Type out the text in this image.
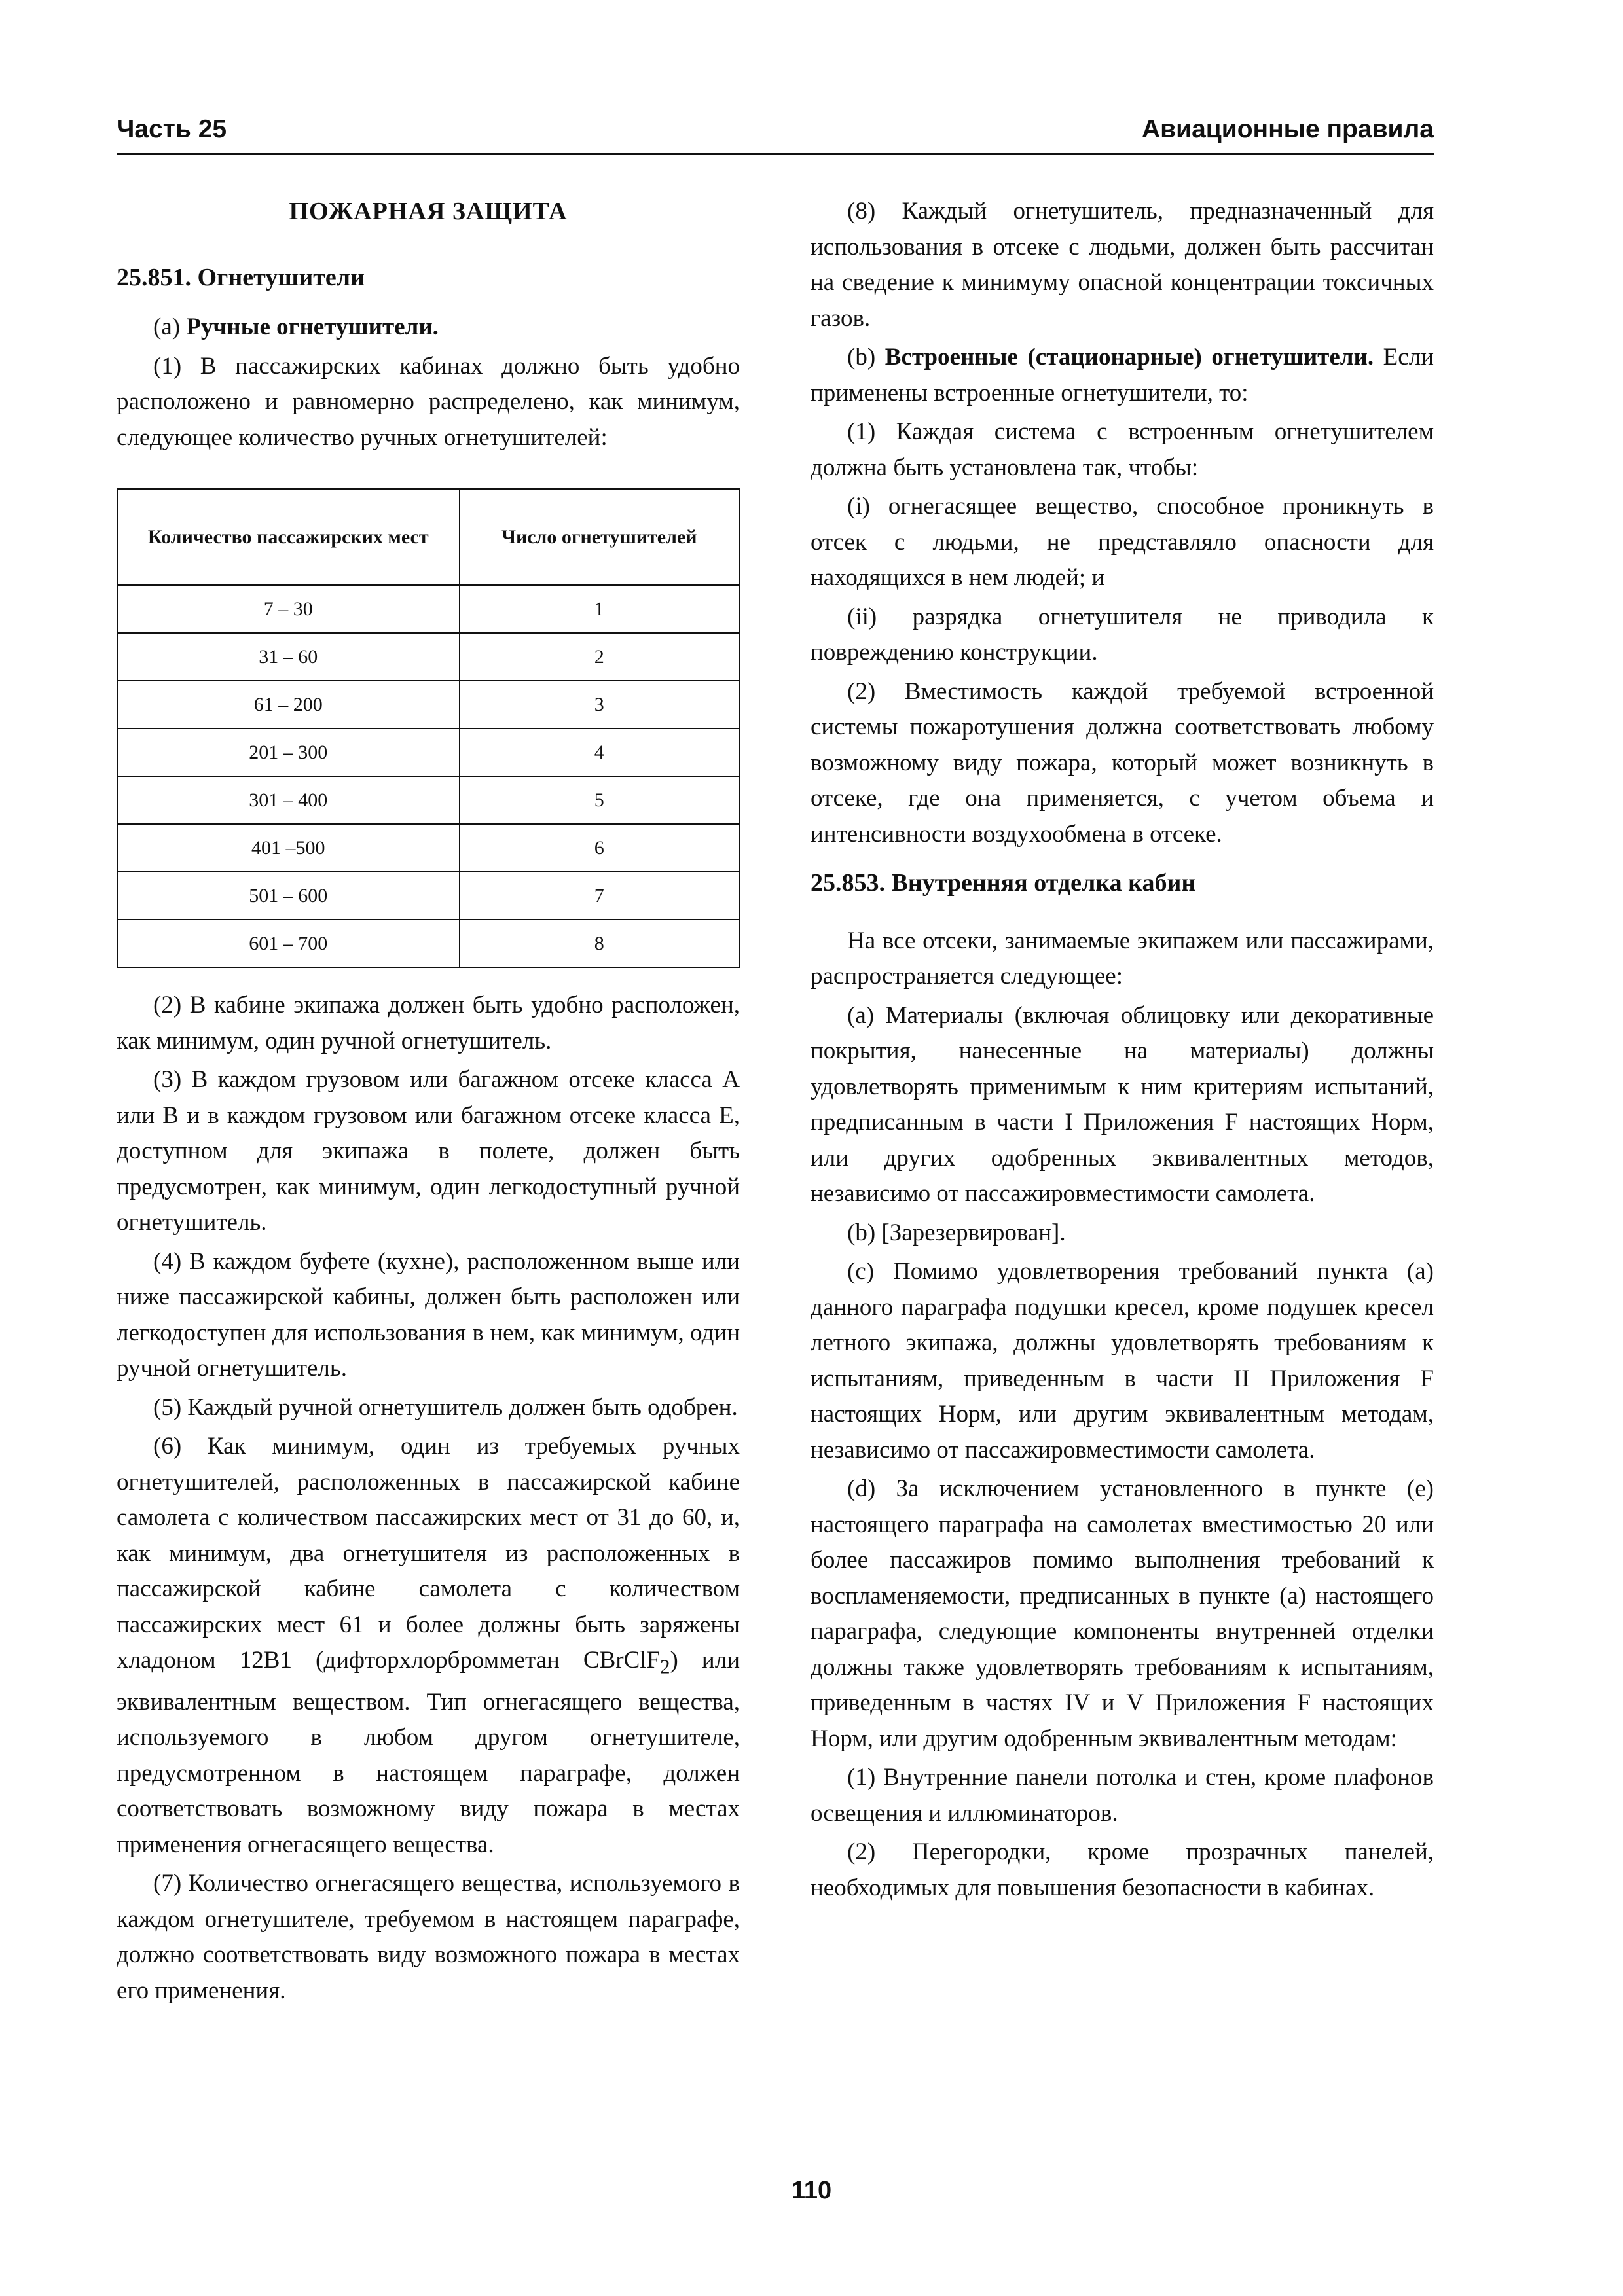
Часть 25	Авиационные правила
ПОЖАРНАЯ ЗАЩИТА
25.851. Огнетушители

(a) Ручные огнетушители.

(1) В пассажирских кабинах должно быть удобно расположено и равномерно распределено, как минимум, следующее количество ручных огнетушителей:

Количество пассажирских мест	Число огнетушителей
7 – 30	1
31 – 60	2
61 – 200	3
201 – 300	4
301 – 400	5
401 –500	6
501 – 600	7
601 – 700	8

(2) В кабине экипажа должен быть удобно расположен, как минимум, один ручной огнетушитель.

(3) В каждом грузовом или багажном отсеке класса A или B и в каждом грузовом или багажном отсеке класса E, доступном для экипажа в полете, должен быть предусмотрен, как минимум, один легкодоступный ручной огнетушитель.

(4) В каждом буфете (кухне), расположенном выше или ниже пассажирской кабины, должен быть расположен или легкодоступен для использования в нем, как минимум, один ручной огнетушитель.

(5) Каждый ручной огнетушитель должен быть одобрен.

(6) Как минимум, один из требуемых ручных огнетушителей, расположенных в пассажирской кабине самолета с количеством пассажирских мест от 31 до 60, и, как минимум, два огнетушителя из расположенных в пассажирской кабине самолета с количеством пассажирских мест 61 и более должны быть заряжены хладоном 12B1 (дифторхлорбромметан CBrClF$_2$) или эквивалентным веществом. Тип огнегасящего вещества, используемого в любом другом огнетушителе, предусмотренном в настоящем параграфе, должен соответствовать возможному виду пожара в местах применения огнегасящего вещества.

(7) Количество огнегасящего вещества, используемого в каждом огнетушителе, требуемом в настоящем параграфе, должно соответствовать виду возможного пожара в местах его применения.

(8) Каждый огнетушитель, предназначенный для использования в отсеке с людьми, должен быть рассчитан на сведение к минимуму опасной концентрации токсичных газов.

(b) Встроенные (стационарные) огнетушители. Если применены встроенные огнетушители, то:

(1) Каждая система с встроенным огнетушителем должна быть установлена так, чтобы:

(i) огнегасящее вещество, способное проникнуть в отсек с людьми, не представляло опасности для находящихся в нем людей; и

(ii) разрядка огнетушителя не приводила к повреждению конструкции.

(2) Вместимость каждой требуемой встроенной системы пожаротушения должна соответствовать любому возможному виду пожара, который может возникнуть в отсеке, где она применяется, с учетом объема и интенсивности воздухообмена в отсеке.

25.853. Внутренняя отделка кабин

На все отсеки, занимаемые экипажем или пассажирами, распространяется следующее:

(a) Материалы (включая облицовку или декоративные покрытия, нанесенные на материалы) должны удовлетворять применимым к ним критериям испытаний, предписанным в части I Приложения F настоящих Норм, или других одобренных эквивалентных методов, независимо от пассажировместимости самолета.

(b) [Зарезервирован].

(c) Помимо удовлетворения требований пункта (a) данного параграфа подушки кресел, кроме подушек кресел летного экипажа, должны удовлетворять требованиям к испытаниям, приведенным в части II Приложения F настоящих Норм, или другим эквивалентным методам, независимо от пассажировместимости самолета.

(d) За исключением установленного в пункте (e) настоящего параграфа на самолетах вместимостью 20 или более пассажиров помимо выполнения требований к воспламеняемости, предписанных в пункте (a) настоящего параграфа, следующие компоненты внутренней отделки должны также удовлетворять требованиям к испытаниям, приведенным в частях IV и V Приложения F настоящих Норм, или другим одобренным эквивалентным методам:

(1) Внутренние панели потолка и стен, кроме плафонов освещения и иллюминаторов.

(2) Перегородки, кроме прозрачных панелей, необходимых для повышения безопасности в кабинах.

110
